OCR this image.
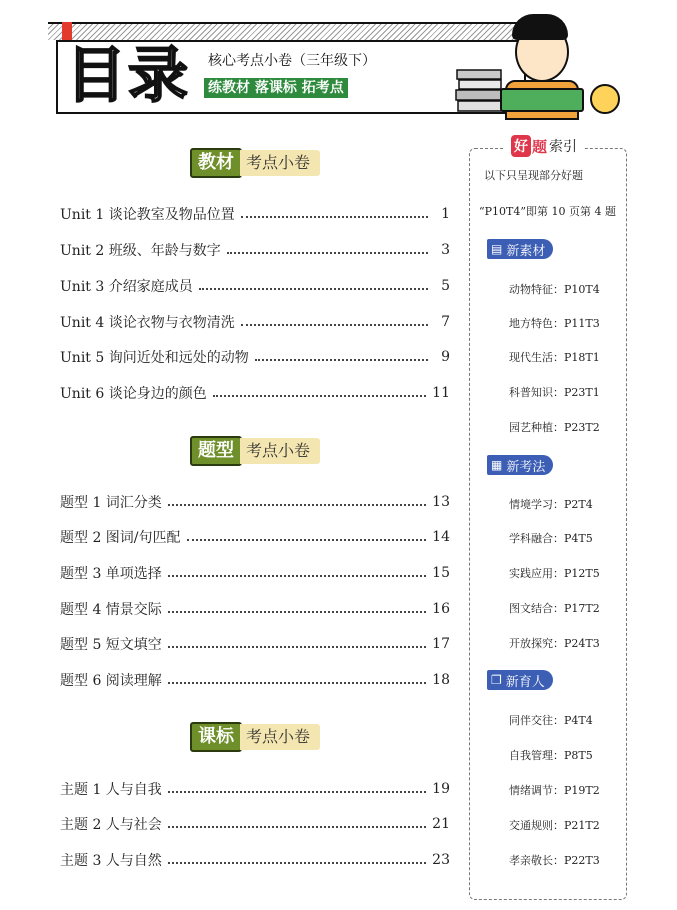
目录 核心考点小卷（三年级下）
练教材 落课标 拓考点
教材 考点小卷
Unit 1 谈论教室及物品位置	1
Unit 2 班级、年龄与数字	3
Unit 3 介绍家庭成员	5
Unit 4 谈论衣物与衣物清洗	7
Unit 5 询问近处和远处的动物	9
Unit 6 谈论身边的颜色	11
题型 考点小卷
题型 1 词汇分类	13
题型 2 图词/句匹配	14
题型 3 单项选择	15
题型 4 情景交际	16
题型 5 短文填空	17
题型 6 阅读理解	18
课标 考点小卷
主题 1 人与自我	19
主题 2 人与社会	21
主题 3 人与自然	23
好 题 索引
以下只呈现部分好题
“P10T4”即第 10 页第 4 题
▤ 新素材
动物特征：P10T4
地方特色：P11T3
现代生活：P18T1
科普知识：P23T1
园艺种植：P23T2
▦ 新考法
情境学习：P2T4
学科融合：P4T5
实践应用：P12T5
图文结合：P17T2
开放探究：P24T3
❐ 新育人
同伴交往：P4T4
自我管理：P8T5
情绪调节：P19T2
交通规则：P21T2
孝亲敬长：P22T3
